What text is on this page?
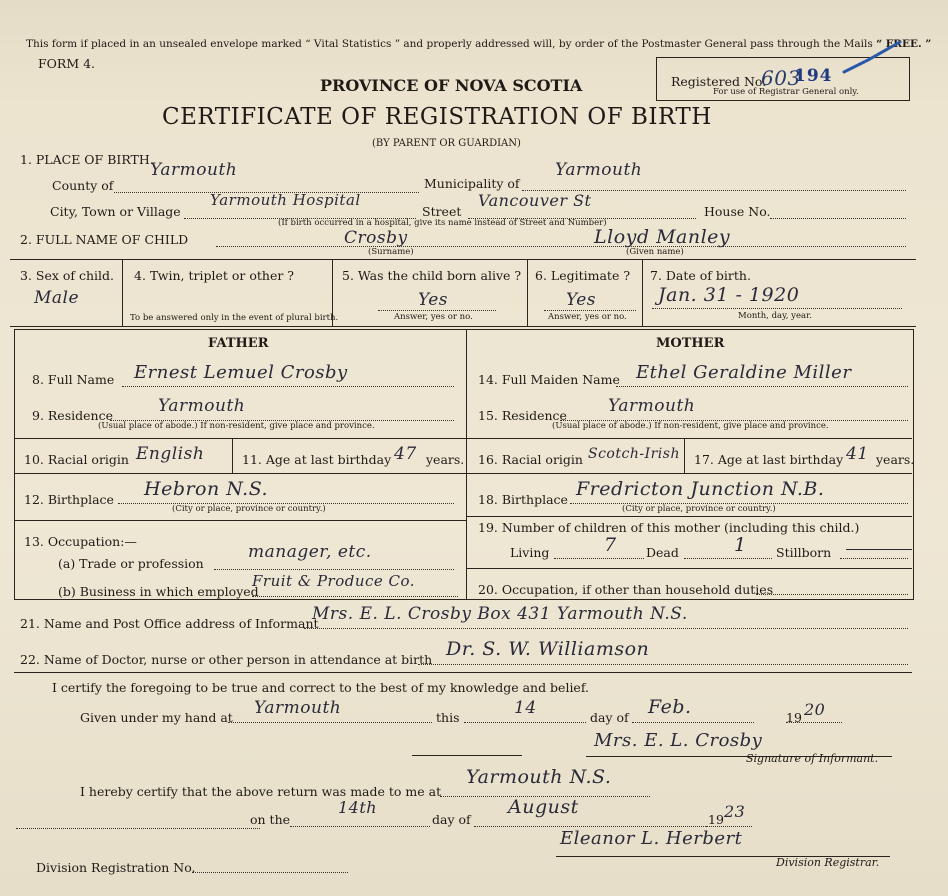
This form if placed in an unsealed envelope marked “ Vital Statistics ” and properly addressed will, by order of the Postmaster General pass through the Mails “ FREE. ”
FORM 4.
PROVINCE OF NOVA SCOTIA
CERTIFICATE OF REGISTRATION OF BIRTH
(BY PARENT OR GUARDIAN)
Registered No.
603
194
For use of Registrar General only.
1. PLACE OF BIRTH.
County of
Yarmouth
Municipality of
Yarmouth
City, Town or Village
Yarmouth Hospital
Street
Vancouver St
House No.
(If birth occurred in a hospital, give its name instead of Street and Number)
2. FULL NAME OF CHILD	Crosby	Lloyd Manley
(Surname)	(Given name)
3. Sex of child.
Male
4. Twin, triplet or other ?
To be answered only in the event of plural birth.
5. Was the child born alive ?
Yes
Answer, yes or no.
6. Legitimate ?
Yes
Answer, yes or no.
7. Date of birth.
Jan. 31 - 1920
Month, day, year.
FATHER	MOTHER
8. Full Name Ernest Lemuel Crosby
9. Residence	Yarmouth
(Usual place of abode.) If non-resident, give place and province.
10. Racial origin English	11. Age at last birthday 47 years.
12. Birthplace Hebron N.S.
(City or place, province or country.)
13. Occupation:—
(a) Trade or profession
manager, etc.
(b) Business in which employed
Fruit & Produce Co.
14. Full Maiden Name Ethel Geraldine Miller
15. Residence Yarmouth
(Usual place of abode.) If non-resident, give place and province.
16. Racial origin Scotch-Irish 17. Age at last birthday 41 years.
18. Birthplace Fredricton Junction N.B.
(City or place, province or country.)
19. Number of children of this mother (including this child.)
Living	7 Dead	1 Stillborn
20. Occupation, if other than household duties
21. Name and Post Office address of Informant
Mrs. E. L. Crosby Box 431 Yarmouth N.S.
22. Name of Doctor, nurse or other person in attendance at birth Dr. S. W. Williamson
I certify the foregoing to be true and correct to the best of my knowledge and belief.
Given under my hand at Yarmouth	this	14	day of Feb.	19 20
Mrs. E. L. Crosby
Signature of Informant.
I hereby certify that the above return was made to me at
Yarmouth N.S.
on the
14th
day of
August
19 23
Eleanor L. Herbert
Division Registrar.
Division Registration No.
